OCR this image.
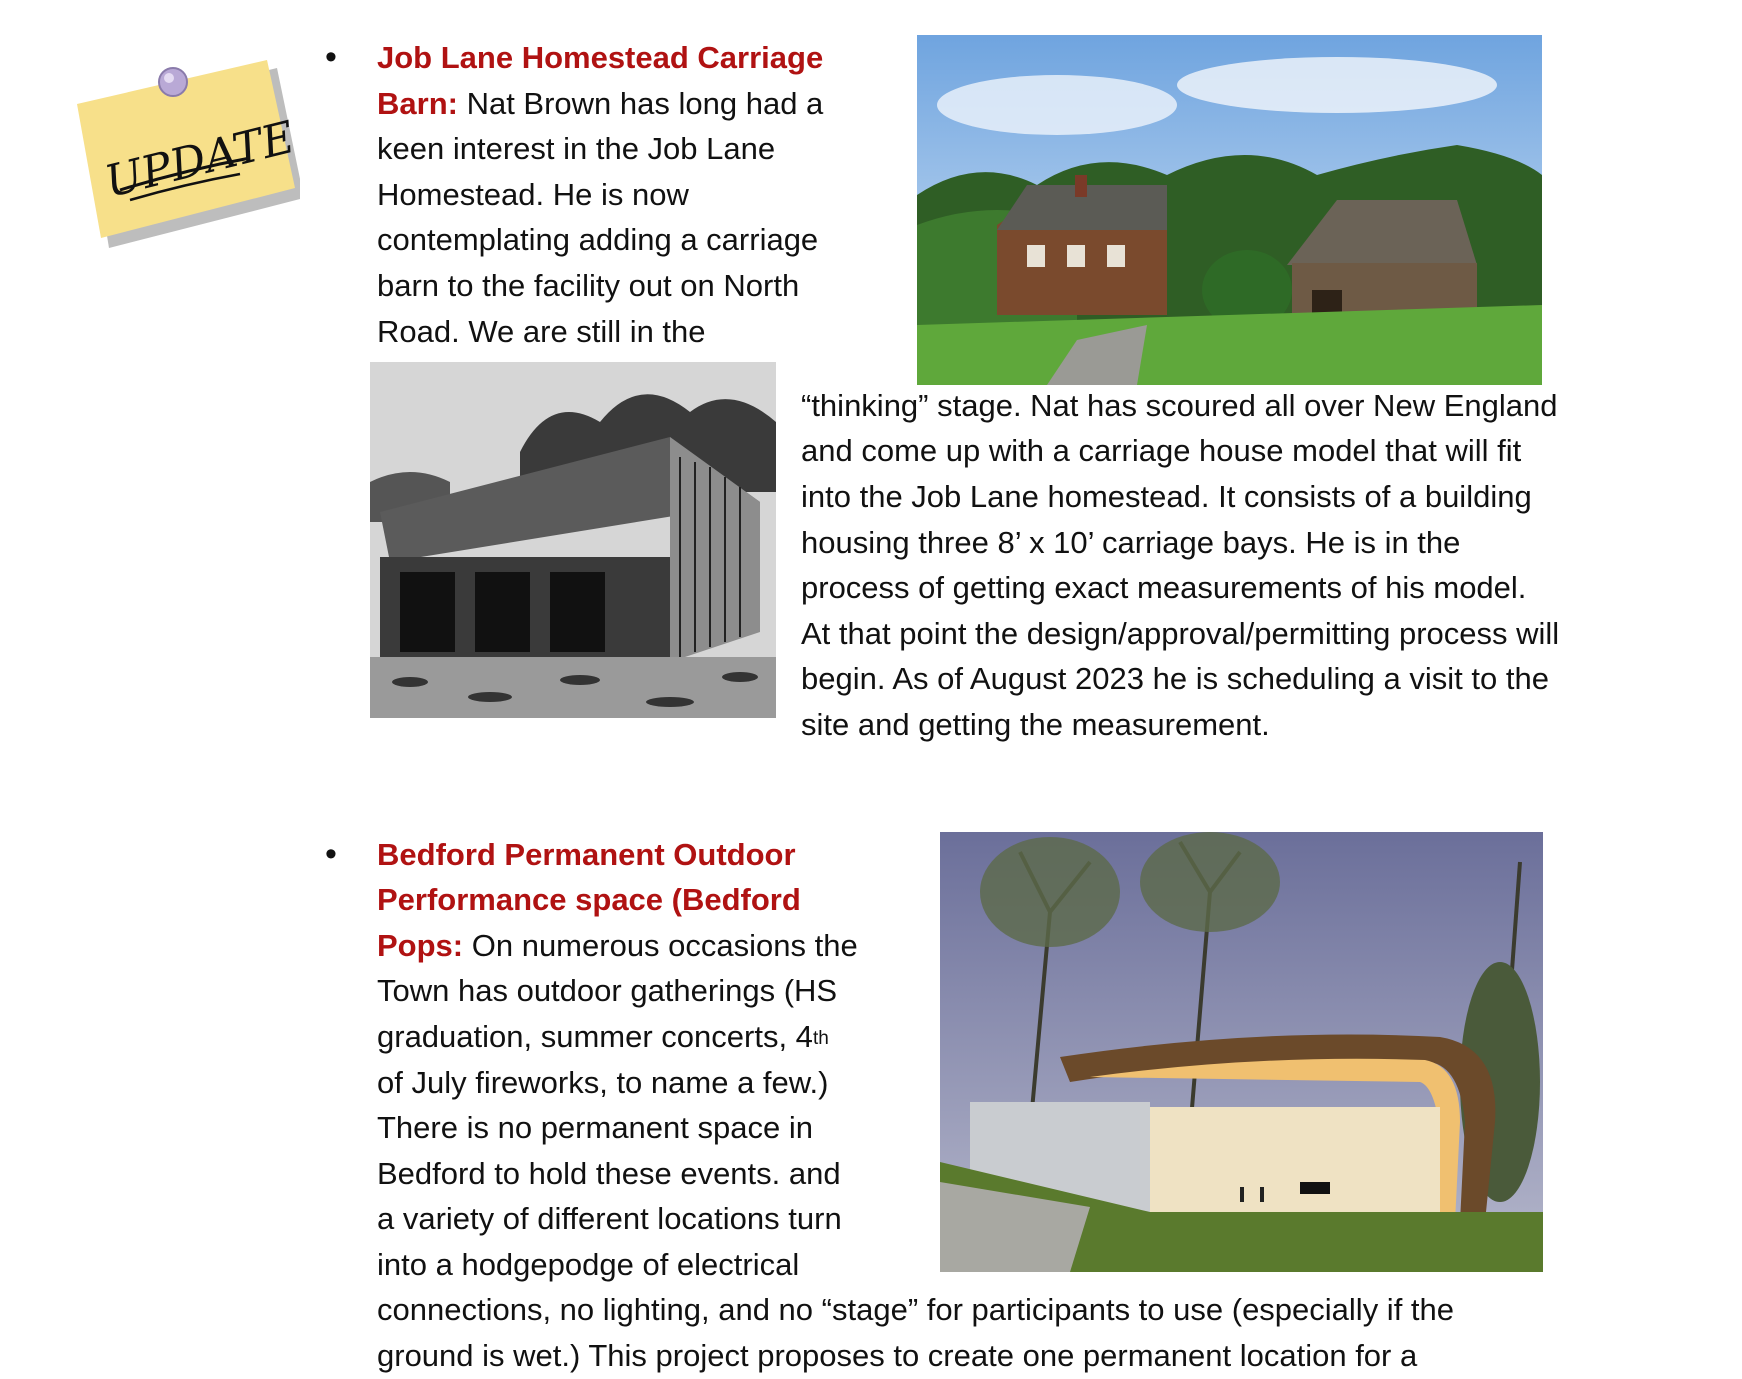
UPDATE
• Job Lane Homestead Carriage
Barn: Nat Brown has long had a
keen interest in the Job Lane
Homestead. He is now
contemplating adding a carriage
barn to the facility out on North
Road. We are still in the
“thinking” stage. Nat has scoured all over New England
and come up with a carriage house model that will fit
into the Job Lane homestead. It consists of a building
housing three 8’ x 10’ carriage bays. He is in the
process of getting exact measurements of his model.
At that point the design/approval/permitting process will
begin. As of August 2023 he is scheduling a visit to the
site and getting the measurement.
• Bedford Permanent Outdoor
Performance space (Bedford
Pops: On numerous occasions the
Town has outdoor gatherings (HS
graduation, summer concerts, 4th
of July fireworks, to name a few.)
There is no permanent space in
Bedford to hold these events. and
a variety of different locations turn
into a hodgepodge of electrical
connections, no lighting, and no “stage” for participants to use (especially if the
ground is wet.) This project proposes to create one permanent location for a
